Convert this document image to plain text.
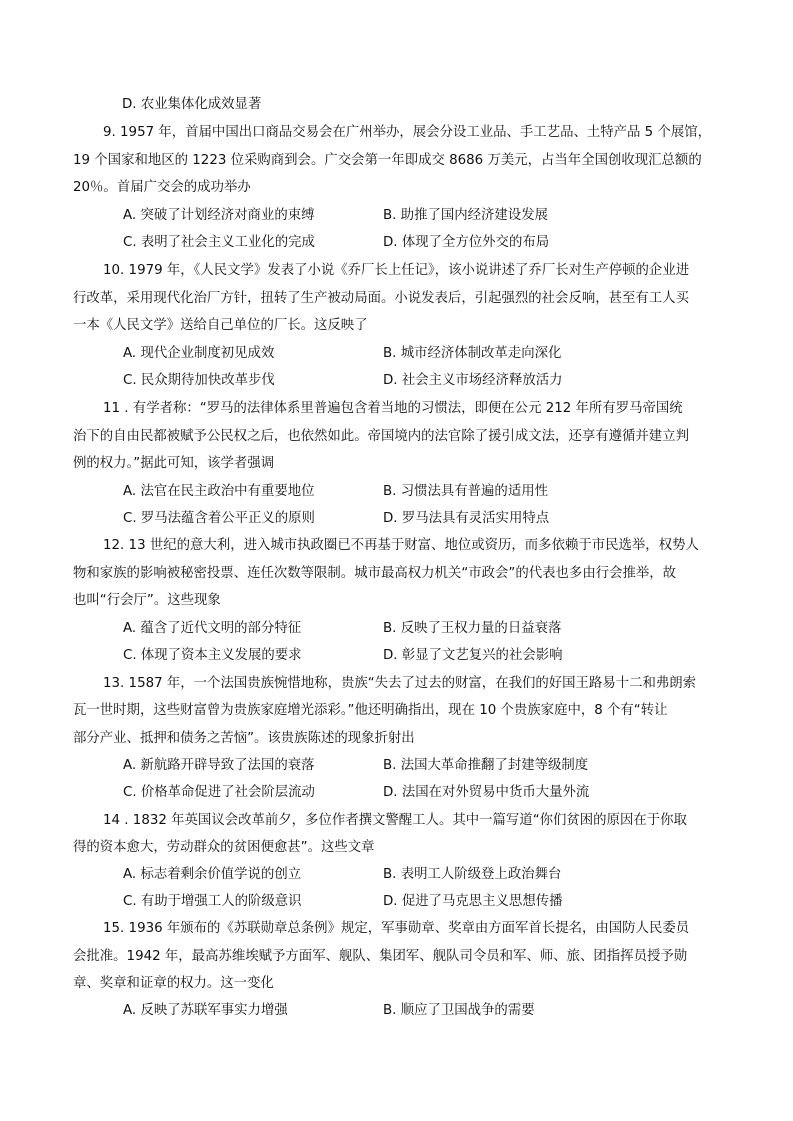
D. 农业集体化成效显著
9. 1957 年，首届中国出口商品交易会在广州举办，展会分设工业品、手工艺品、土特产品 5 个展馆，
19 个国家和地区的 1223 位采购商到会。广交会第一年即成交 8686 万美元，占当年全国创收现汇总额的
20％。首届广交会的成功举办
A. 突破了计划经济对商业的束缚	B. 助推了国内经济建设发展
C. 表明了社会主义工业化的完成	D. 体现了全方位外交的布局
10. 1979 年，《人民文学》发表了小说《乔厂长上任记》，该小说讲述了乔厂长对生产停顿的企业进
行改革，采用现代化治厂方针，扭转了生产被动局面。小说发表后，引起强烈的社会反响，甚至有工人买
一本《人民文学》送给自己单位的厂长。这反映了
A. 现代企业制度初见成效	B. 城市经济体制改革走向深化
C. 民众期待加快改革步伐	D. 社会主义市场经济释放活力
11 . 有学者称：“罗马的法律体系里普遍包含着当地的习惯法，即便在公元 212 年所有罗马帝国统
治下的自由民都被赋予公民权之后，也依然如此。帝国境内的法官除了援引成文法，还享有遵循并建立判
例的权力。”据此可知，该学者强调
A. 法官在民主政治中有重要地位	B. 习惯法具有普遍的适用性
C. 罗马法蕴含着公平正义的原则	D. 罗马法具有灵活实用特点
12. 13 世纪的意大利，进入城市执政圈已不再基于财富、地位或资历，而多依赖于市民选举，权势人
物和家族的影响被秘密投票、连任次数等限制。城市最高权力机关“市政会”的代表也多由行会推举，故
也叫“行会厅”。这些现象
A. 蕴含了近代文明的部分特征	B. 反映了王权力量的日益衰落
C. 体现了资本主义发展的要求	D. 彰显了文艺复兴的社会影响
13. 1587 年，一个法国贵族惋惜地称，贵族“失去了过去的财富，在我们的好国王路易十二和弗朗索
瓦一世时期，这些财富曾为贵族家庭增光添彩。”他还明确指出，现在 10 个贵族家庭中，8 个有“转让
部分产业、抵押和债务之苦恼”。该贵族陈述的现象折射出
A. 新航路开辟导致了法国的衰落	B. 法国大革命推翻了封建等级制度
C. 价格革命促进了社会阶层流动	D. 法国在对外贸易中货币大量外流
14 . 1832 年英国议会改革前夕，多位作者撰文警醒工人。其中一篇写道“你们贫困的原因在于你取
得的资本愈大，劳动群众的贫困便愈甚”。这些文章
A. 标志着剩余价值学说的创立	B. 表明工人阶级登上政治舞台
C. 有助于增强工人的阶级意识	D. 促进了马克思主义思想传播
15. 1936 年颁布的《苏联勋章总条例》规定，军事勋章、奖章由方面军首长提名，由国防人民委员
会批准。1942 年，最高苏维埃赋予方面军、舰队、集团军、舰队司令员和军、师、旅、团指挥员授予勋
章、奖章和证章的权力。这一变化
A. 反映了苏联军事实力增强	B. 顺应了卫国战争的需要
